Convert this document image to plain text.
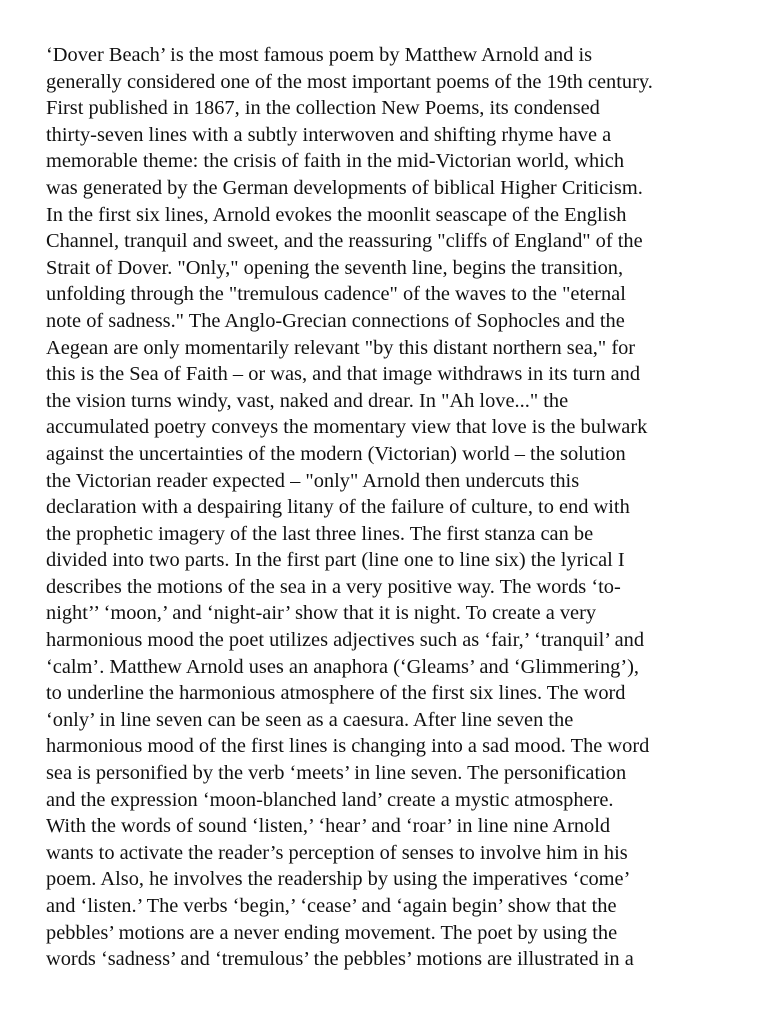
‘Dover Beach’ is the most famous poem by Matthew Arnold and is
generally considered one of the most important poems of the 19th century.
First published in 1867, in the collection New Poems, its condensed
thirty-seven lines with a subtly interwoven and shifting rhyme have a
memorable theme: the crisis of faith in the mid-Victorian world, which
was generated by the German developments of biblical Higher Criticism.
In the first six lines, Arnold evokes the moonlit seascape of the English
Channel, tranquil and sweet, and the reassuring "cliffs of England" of the
Strait of Dover. "Only," opening the seventh line, begins the transition,
unfolding through the "tremulous cadence" of the waves to the "eternal
note of sadness." The Anglo-Grecian connections of Sophocles and the
Aegean are only momentarily relevant "by this distant northern sea," for
this is the Sea of Faith – or was, and that image withdraws in its turn and
the vision turns windy, vast, naked and drear. In "Ah love..." the
accumulated poetry conveys the momentary view that love is the bulwark
against the uncertainties of the modern (Victorian) world – the solution
the Victorian reader expected – "only" Arnold then undercuts this
declaration with a despairing litany of the failure of culture, to end with
the prophetic imagery of the last three lines. The first stanza can be
divided into two parts. In the first part (line one to line six) the lyrical I
describes the motions of the sea in a very positive way. The words ‘to-
night’’ ‘moon,’ and ‘night-air’ show that it is night. To create a very
harmonious mood the poet utilizes adjectives such as ‘fair,’ ‘tranquil’ and
‘calm’. Matthew Arnold uses an anaphora (‘Gleams’ and ‘Glimmering’),
to underline the harmonious atmosphere of the first six lines. The word
‘only’ in line seven can be seen as a caesura. After line seven the
harmonious mood of the first lines is changing into a sad mood. The word
sea is personified by the verb ‘meets’ in line seven. The personification
and the expression ‘moon-blanched land’ create a mystic atmosphere.
With the words of sound ‘listen,’ ‘hear’ and ‘roar’ in line nine Arnold
wants to activate the reader’s perception of senses to involve him in his
poem. Also, he involves the readership by using the imperatives ‘come’
and ‘listen.’ The verbs ‘begin,’ ‘cease’ and ‘again begin’ show that the
pebbles’ motions are a never ending movement. The poet by using the
words ‘sadness’ and ‘tremulous’ the pebbles’ motions are illustrated in a
